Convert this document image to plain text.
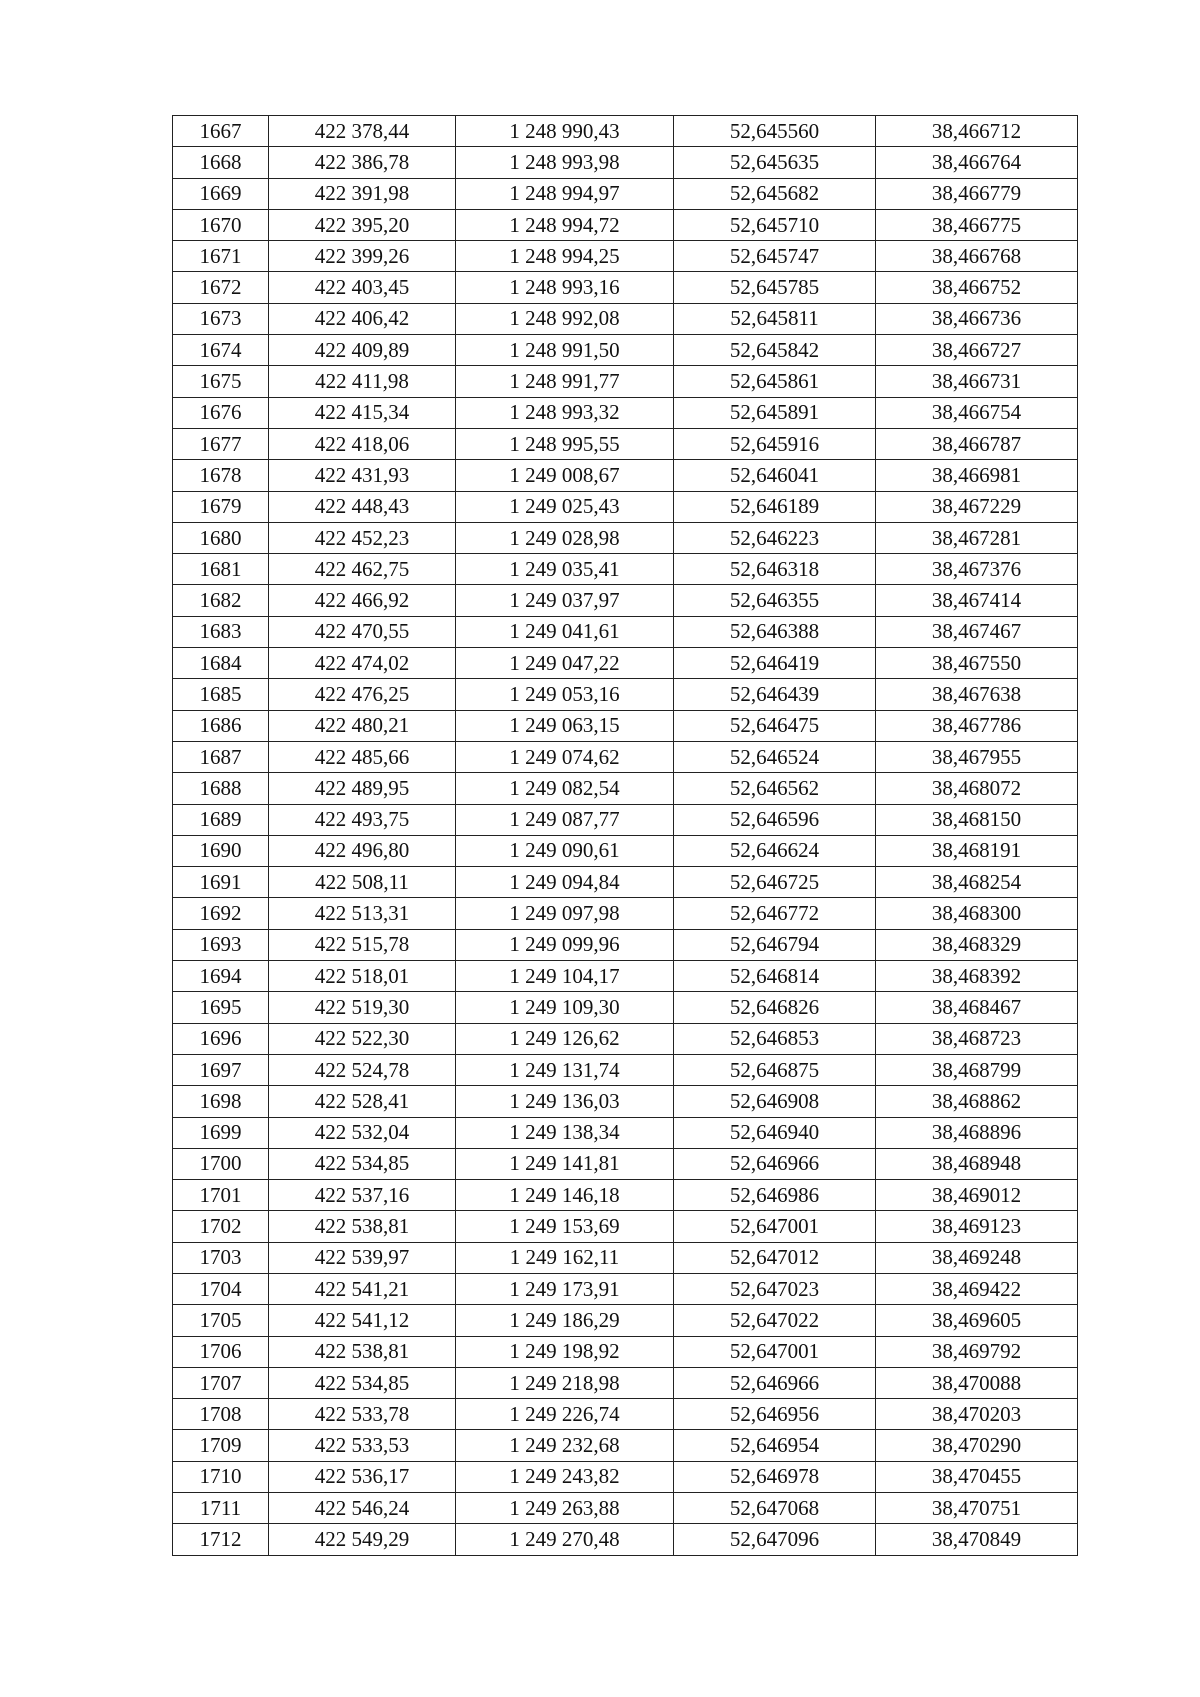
1667	422 378,44	1 248 990,43	52,645560	38,466712
1668	422 386,78	1 248 993,98	52,645635	38,466764
1669	422 391,98	1 248 994,97	52,645682	38,466779
1670	422 395,20	1 248 994,72	52,645710	38,466775
1671	422 399,26	1 248 994,25	52,645747	38,466768
1672	422 403,45	1 248 993,16	52,645785	38,466752
1673	422 406,42	1 248 992,08	52,645811	38,466736
1674	422 409,89	1 248 991,50	52,645842	38,466727
1675	422 411,98	1 248 991,77	52,645861	38,466731
1676	422 415,34	1 248 993,32	52,645891	38,466754
1677	422 418,06	1 248 995,55	52,645916	38,466787
1678	422 431,93	1 249 008,67	52,646041	38,466981
1679	422 448,43	1 249 025,43	52,646189	38,467229
1680	422 452,23	1 249 028,98	52,646223	38,467281
1681	422 462,75	1 249 035,41	52,646318	38,467376
1682	422 466,92	1 249 037,97	52,646355	38,467414
1683	422 470,55	1 249 041,61	52,646388	38,467467
1684	422 474,02	1 249 047,22	52,646419	38,467550
1685	422 476,25	1 249 053,16	52,646439	38,467638
1686	422 480,21	1 249 063,15	52,646475	38,467786
1687	422 485,66	1 249 074,62	52,646524	38,467955
1688	422 489,95	1 249 082,54	52,646562	38,468072
1689	422 493,75	1 249 087,77	52,646596	38,468150
1690	422 496,80	1 249 090,61	52,646624	38,468191
1691	422 508,11	1 249 094,84	52,646725	38,468254
1692	422 513,31	1 249 097,98	52,646772	38,468300
1693	422 515,78	1 249 099,96	52,646794	38,468329
1694	422 518,01	1 249 104,17	52,646814	38,468392
1695	422 519,30	1 249 109,30	52,646826	38,468467
1696	422 522,30	1 249 126,62	52,646853	38,468723
1697	422 524,78	1 249 131,74	52,646875	38,468799
1698	422 528,41	1 249 136,03	52,646908	38,468862
1699	422 532,04	1 249 138,34	52,646940	38,468896
1700	422 534,85	1 249 141,81	52,646966	38,468948
1701	422 537,16	1 249 146,18	52,646986	38,469012
1702	422 538,81	1 249 153,69	52,647001	38,469123
1703	422 539,97	1 249 162,11	52,647012	38,469248
1704	422 541,21	1 249 173,91	52,647023	38,469422
1705	422 541,12	1 249 186,29	52,647022	38,469605
1706	422 538,81	1 249 198,92	52,647001	38,469792
1707	422 534,85	1 249 218,98	52,646966	38,470088
1708	422 533,78	1 249 226,74	52,646956	38,470203
1709	422 533,53	1 249 232,68	52,646954	38,470290
1710	422 536,17	1 249 243,82	52,646978	38,470455
1711	422 546,24	1 249 263,88	52,647068	38,470751
1712	422 549,29	1 249 270,48	52,647096	38,470849
